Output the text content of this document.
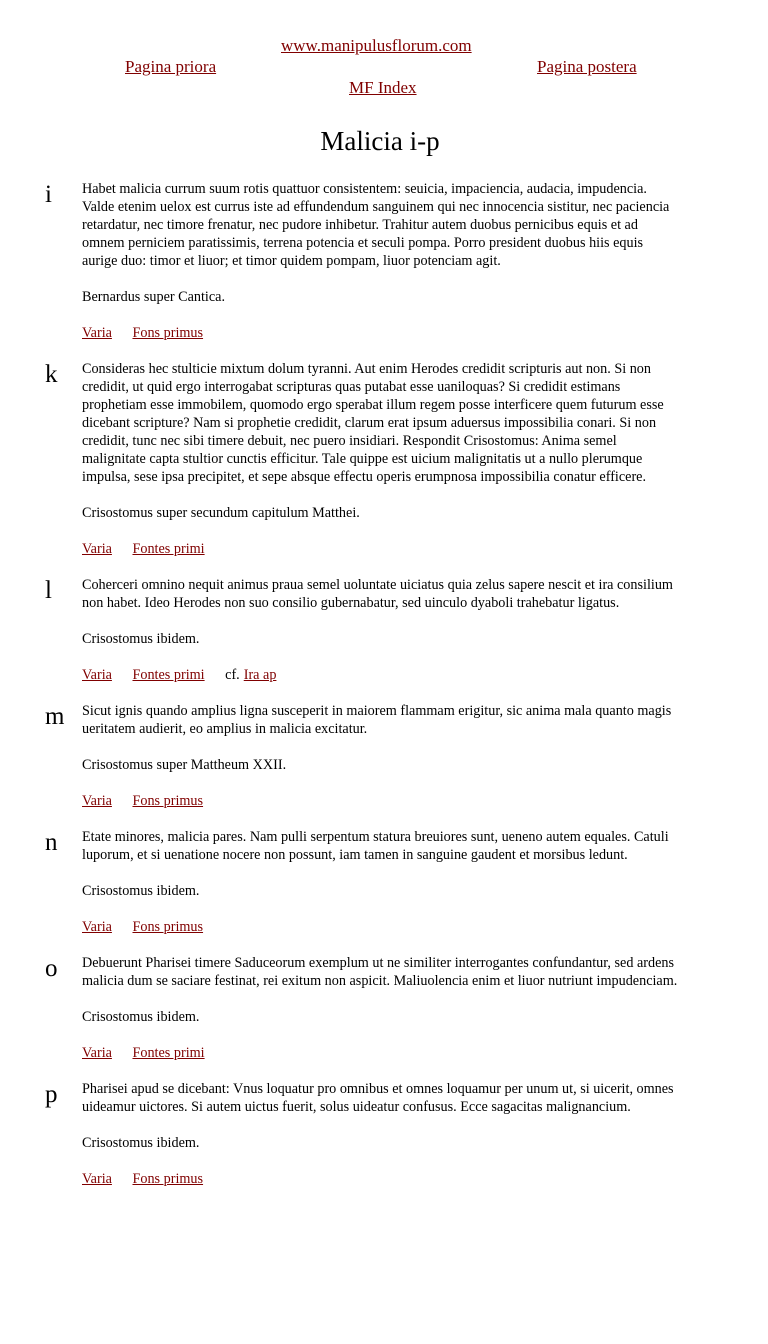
www.manipulusflorum.com
Pagina priora	Pagina postera
MF Index
Malicia i-p
i Habet malicia currum suum rotis quattuor consistentem: seuicia, impaciencia, audacia, impudencia. Valde etenim uelox est currus iste ad effundendum sanguinem qui nec innocencia sistitur, nec paciencia retardatur, nec timore frenatur, nec pudore inhibetur. Trahitur autem duobus pernicibus equis et ad omnem perniciem paratissimis, terrena potencia et seculi pompa. Porro president duobus hiis equis aurige duo: timor et liuor; et timor quidem pompam, liuor potenciam agit.

Bernardus super Cantica.

Varia Fons primus
k Consideras hec stulticie mixtum dolum tyranni. Aut enim Herodes credidit scripturis aut non. Si non credidit, ut quid ergo interrogabat scripturas quas putabat esse uaniloquas? Si credidit estimans prophetiam esse immobilem, quomodo ergo sperabat illum regem posse interficere quem futurum esse dicebant scripture? Nam si prophetie credidit, clarum erat ipsum aduersus impossibilia conari. Si non credidit, tunc nec sibi timere debuit, nec puero insidiari. Respondit Crisostomus: Anima semel malignitate capta stultior cunctis efficitur. Tale quippe est uicium malignitatis ut a nullo plerumque impulsa, sese ipsa precipitet, et sepe absque effectu operis erumpnosa impossibilia conatur efficere.

Crisostomus super secundum capitulum Matthei.

Varia Fontes primi
l Coherceri omnino nequit animus praua semel uoluntate uiciatus quia zelus sapere nescit et ira consilium non habet. Ideo Herodes non suo consilio gubernabatur, sed uinculo dyaboli trahebatur ligatus.

Crisostomus ibidem.

Varia Fontes primi cf. Ira ap
m Sicut ignis quando amplius ligna susceperit in maiorem flammam erigitur, sic anima mala quanto magis ueritatem audierit, eo amplius in malicia excitatur.

Crisostomus super Mattheum XXII.

Varia Fons primus
n Etate minores, malicia pares. Nam pulli serpentum statura breuiores sunt, ueneno autem equales. Catuli luporum, et si uenatione nocere non possunt, iam tamen in sanguine gaudent et morsibus ledunt.

Crisostomus ibidem.

Varia Fons primus
o Debuerunt Pharisei timere Saduceorum exemplum ut ne similiter interrogantes confundantur, sed ardens malicia dum se saciare festinat, rei exitum non aspicit. Maliuolencia enim et liuor nutriunt impudenciam.

Crisostomus ibidem.

Varia Fontes primi
p Pharisei apud se dicebant: Vnus loquatur pro omnibus et omnes loquamur per unum ut, si uicerit, omnes uideamur uictores. Si autem uictus fuerit, solus uideatur confusus. Ecce sagacitas malignancium.

Crisostomus ibidem.

Varia Fons primus
